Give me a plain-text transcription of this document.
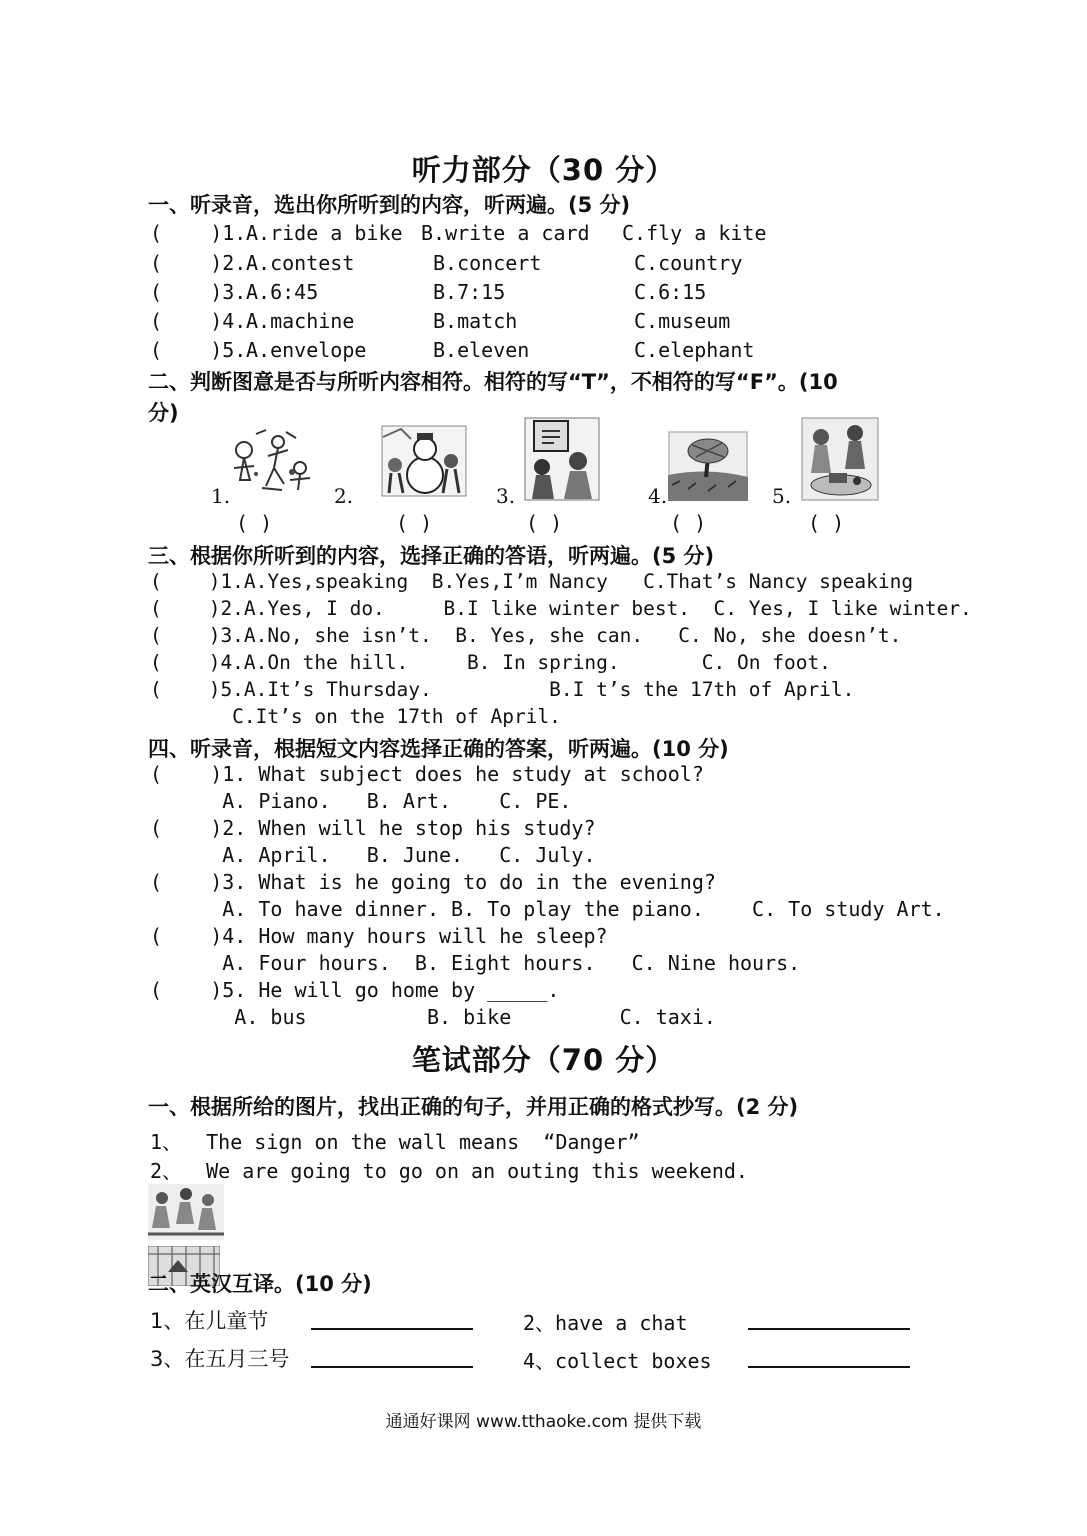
听力部分（30 分）
一、听录音，选出你所听到的内容，听两遍。(5 分)
(    )1. A.ride a bike B.write a card C.fly a kite
(    )2. A.contest	B.concert	C.country
(    )3. A.6:45	B.7:15	C.6:15
(    )4. A.machine	B.match	C.museum
(    )5. A.envelope	B.eleven	C.elephant
二、判断图意是否与所听内容相符。相符的写“T”，不相符的写“F”。(10
分)
1.	2.	3.	4.	5.
( )	( )	( )	( )	( )
三、根据你所听到的内容，选择正确的答语，听两遍。(5 分)
(    )1.A.Yes,speaking  B.Yes,I’m Nancy   C.That’s Nancy speaking
(    )2.A.Yes, I do.     B.I like winter best.  C. Yes, I like winter.
(    )3.A.No, she isn’t.  B. Yes, she can.   C. No, she doesn’t.
(    )4.A.On the hill.     B. In spring.       C. On foot.
(    )5.A.It’s Thursday.          B.I t’s the 17th of April.
C.It’s on the 17th of April.
四、听录音，根据短文内容选择正确的答案，听两遍。(10 分)
(    )1. What subject does he study at school?
A. Piano.   B. Art.    C. PE.
(    )2. When will he stop his study?
A. April.   B. June.   C. July.
(    )3. What is he going to do in the evening?
A. To have dinner. B. To play the piano.    C. To study Art.
(    )4. How many hours will he sleep?
A. Four hours.  B. Eight hours.   C. Nine hours.
(    )5. He will go home by _____.
A. bus          B. bike         C. taxi.
笔试部分（70 分）
一、根据所给的图片，找出正确的句子，并用正确的格式抄写。(2 分)
1、  The sign on the wall means  “Danger”
2、  We are going to go on an outing this weekend.
二、英汉互译。(10 分)
1、在儿童节	2、have a chat
3、在五月三号	4、collect boxes
通通好课网 www.tthaoke.com 提供下载
